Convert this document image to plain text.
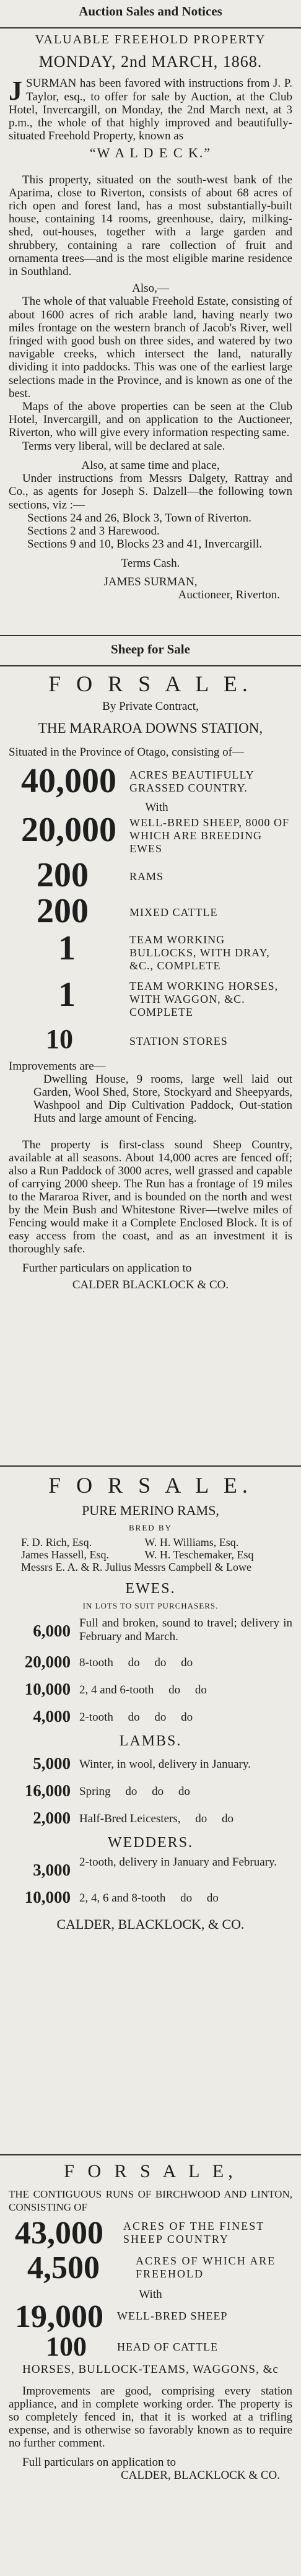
Auction Sales and Notices
VALUABLE FREEHOLD PROPERTY
MONDAY, 2nd MARCH, 1868.
JSURMAN has been favored with instructions from J. P. Taylor, esq., to offer for sale by Auction, at the Club Hotel, Invercargill, on Monday, the 2nd March next, at 3 p.m., the whole of that highly improved and beautifully-situated Freehold Property, known as
“W A L D E C K.”

This property, situated on the south-west bank of the Aparima, close to Riverton, consists of about 68 acres of rich open and forest land, has a most substantially-built house, containing 14 rooms, greenhouse, dairy, milking-shed, out-houses, together with a large garden and shrubbery, containing a rare collection of fruit and ornamenta trees—and is the most eligible marine residence in Southland.

Also,—

The whole of that valuable Freehold Estate, consisting of about 1600 acres of rich arable land, having nearly two miles frontage on the western branch of Jacob's River, well fringed with good bush on three sides, and watered by two navigable creeks, which intersect the land, naturally dividing it into paddocks. This was one of the earliest large selections made in the Province, and is known as one of the best.

Maps of the above properties can be seen at the Club Hotel, Invercargill, and on application to the Auctioneer, Riverton, who will give every information respecting same.

Terms very liberal, will be declared at sale.

Also, at same time and place,

Under instructions from Messrs Dalgety, Rattray and Co., as agents for Joseph S. Dalzell—the following town sections, viz :—

Sections 24 and 26, Block 3, Town of Riverton.
Sections 2 and 3 Harewood.
Sections 9 and 10, Blocks 23 and 41, Invercargill.

Terms Cash.

JAMES SURMAN,

Auctioneer, Riverton.

Sheep for Sale
F O R S A L E.
By Private Contract,
THE MARAROA DOWNS STATION,
Situated in the Province of Otago, consisting of—
40,000	ACRES BEAUTIFULLY GRASSED COUNTRY.
With
20,000	WELL-BRED SHEEP, 8000 OF WHICH ARE BREEDING EWES
200	RAMS
200	MIXED CATTLE
1	TEAM WORKING BULLOCKS, WITH DRAY, &C., COMPLETE
1	TEAM WORKING HORSES, WITH WAGGON, &C. COMPLETE
10	STATION STORES
Improvements are—

Dwelling House, 9 rooms, large well laid out Garden, Wool Shed, Store, Stockyard and Sheepyards, Washpool and Dip Cultivation Paddock, Out-station Huts and large amount of Fencing.

The property is first-class sound Sheep Country, available at all seasons. About 14,000 acres are fenced off; also a Run Paddock of 3000 acres, well grassed and capable of carrying 2000 sheep. The Run has a frontage of 19 miles to the Mararoa River, and is bounded on the north and west by the Mein Bush and Whitestone River—twelve miles of Fencing would make it a Complete Enclosed Block. It is of easy access from the coast, and as an investment it is thoroughly safe.

Further particulars on application to

CALDER BLACKLOCK & CO.

F O R S A L E.
PURE MERINO RAMS,
BRED BY
F. D. Rich, Esq.	W. H. Williams, Esq.
James Hassell, Esq.	W. H. Teschemaker, Esq
Messrs E. A. & R. Julius Messrs Campbell & Lowe
EWES.
IN LOTS TO SUIT PURCHASERS.
6,000 Full and broken, sound to travel; delivery in February and March.
20,000 8-tooth     do     do     do
10,000 2, 4 and 6-tooth     do     do
4,000 2-tooth     do     do     do
LAMBS.
5,000 Winter, in wool, delivery in January.
16,000 Spring     do     do     do
2,000 Half-Bred Leicesters,     do     do
WEDDERS.
3,000 2-tooth, delivery in January and February.
10,000 2, 4, 6 and 8-tooth     do     do
CALDER, BLACKLOCK, & CO.
F O R S A L E,

THE CONTIGUOUS RUNS OF BIRCHWOOD AND LINTON, CONSISTING OF

43,000	ACRES OF THE FINEST SHEEP COUNTRY
4,500	ACRES OF WHICH ARE FREEHOLD
With
19,000	WELL-BRED SHEEP
100	HEAD OF CATTLE
HORSES, BULLOCK-TEAMS, WAGGONS, &c

Improvements are good, comprising every station appliance, and in complete working order. The property is so completely fenced in, that it is worked at a trifling expense, and is otherwise so favorably known as to require no further comment.

Full particulars on application to

CALDER, BLACKLOCK & CO.
